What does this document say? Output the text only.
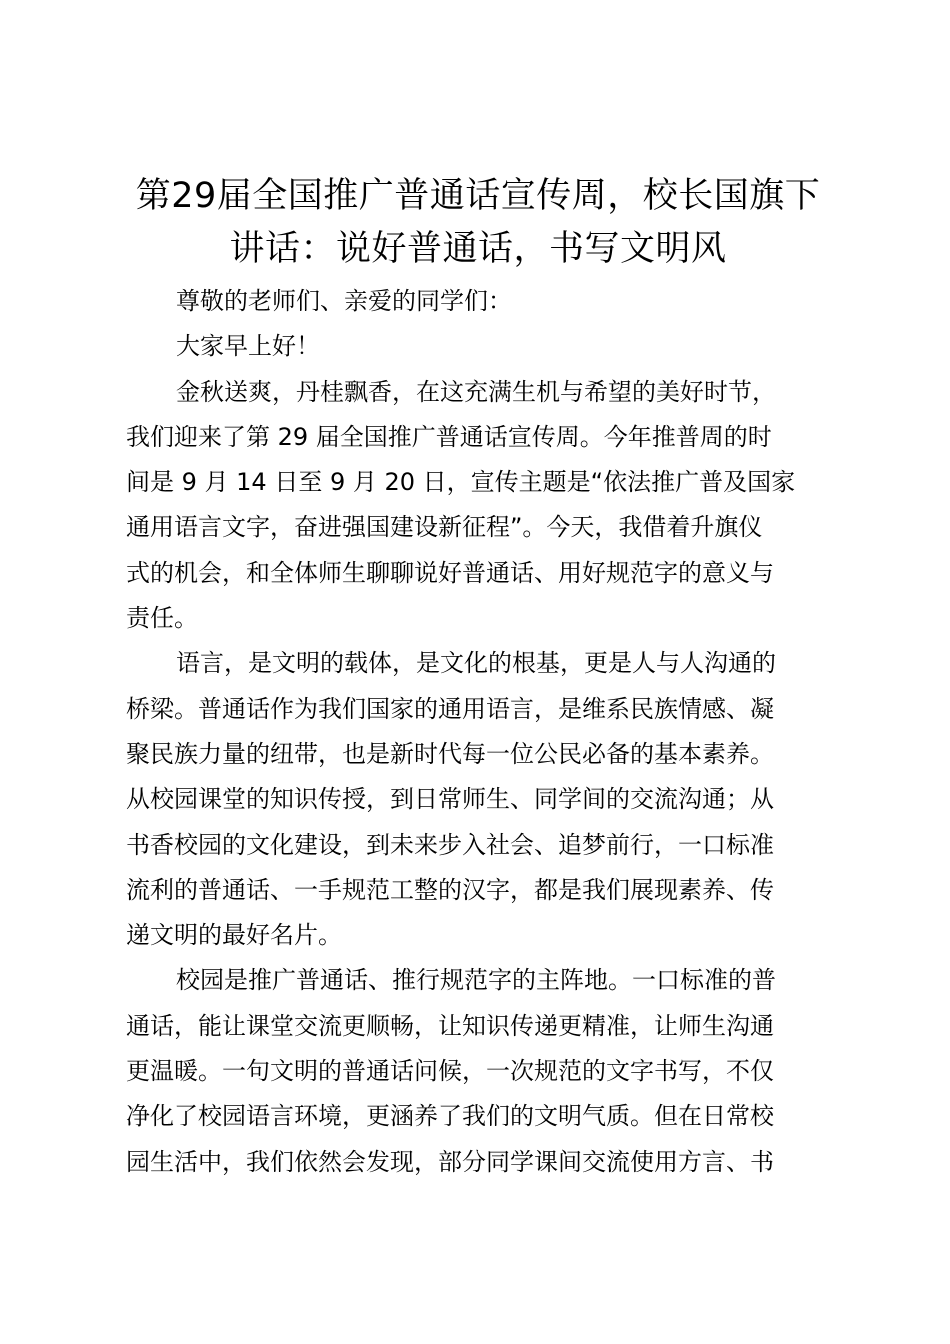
第29届全国推广普通话宣传周，校长国旗下
讲话：说好普通话，书写文明风

尊敬的老师们、亲爱的同学们：

大家早上好！

金秋送爽，丹桂飘香，在这充满生机与希望的美好时节，
我们迎来了第 29 届全国推广普通话宣传周。今年推普周的时
间是 9 月 14 日至 9 月 20 日，宣传主题是“依法推广普及国家
通用语言文字，奋进强国建设新征程”。今天，我借着升旗仪
式的机会，和全体师生聊聊说好普通话、用好规范字的意义与
责任。

语言，是文明的载体，是文化的根基，更是人与人沟通的
桥梁。普通话作为我们国家的通用语言，是维系民族情感、凝
聚民族力量的纽带，也是新时代每一位公民必备的基本素养。
从校园课堂的知识传授，到日常师生、同学间的交流沟通；从
书香校园的文化建设，到未来步入社会、追梦前行，一口标准
流利的普通话、一手规范工整的汉字，都是我们展现素养、传
递文明的最好名片。

校园是推广普通话、推行规范字的主阵地。一口标准的普
通话，能让课堂交流更顺畅，让知识传递更精准，让师生沟通
更温暖。一句文明的普通话问候，一次规范的文字书写，不仅
净化了校园语言环境，更涵养了我们的文明气质。但在日常校
园生活中，我们依然会发现，部分同学课间交流使用方言、书
